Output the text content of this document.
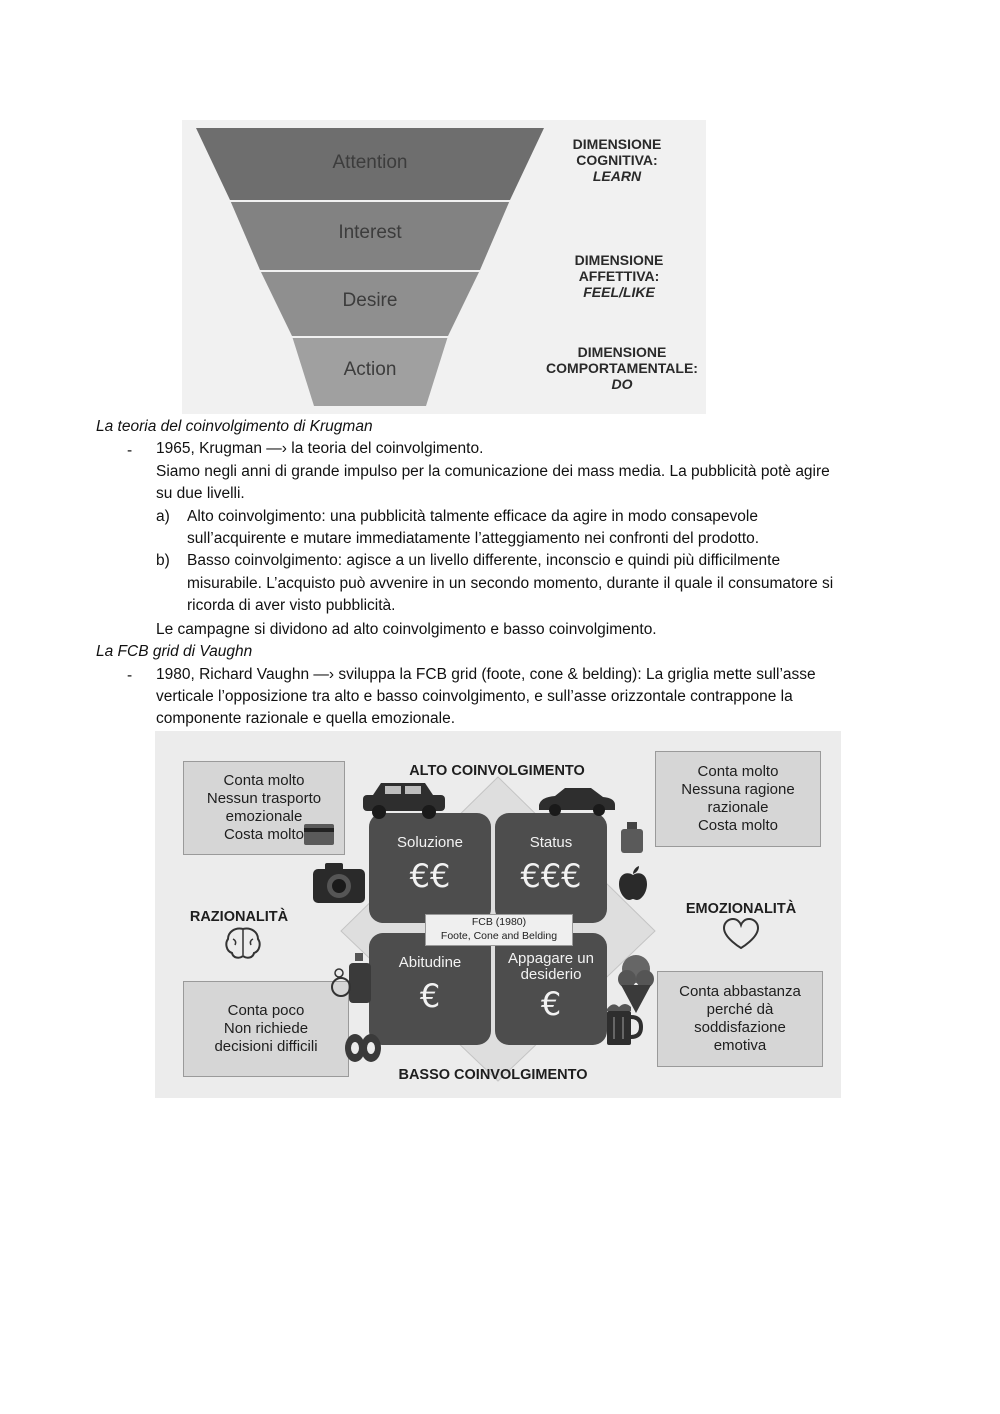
Attention
Interest
Desire
Action
DIMENSIONE
COGNITIVA:
LEARN
DIMENSIONE
AFFETTIVA:
FEEL/LIKE
DIMENSIONE
COMPORTAMENTALE:
DO
La teoria del coinvolgimento di Krugman
- 1965, Krugman —› la teoria del coinvolgimento.
Siamo negli anni di grande impulso per la comunicazione dei mass media. La pubblicità potè agire
su due livelli.
a) Alto coinvolgimento: una pubblicità talmente efficace da agire in modo consapevole
sull’acquirente e mutare immediatamente l’atteggiamento nei confronti del prodotto.
b) Basso coinvolgimento: agisce a un livello differente, inconscio e quindi più difficilmente
misurabile. L’acquisto può avvenire in un secondo momento, durante il quale il consumatore si
ricorda di aver visto pubblicità.
Le campagne si dividono ad alto coinvolgimento e basso coinvolgimento.
La FCB grid di Vaughn
- 1980, Richard Vaughn —› sviluppa la FCB grid (foote, cone & belding): La griglia mette sull’asse
verticale l’opposizione tra alto e basso coinvolgimento, e sull’asse orizzontale contrappone la
componente razionale e quella emozionale.
Conta molto
Nessun trasporto
emozionale
Costa molto
Conta molto
Nessuna ragione
razionale
Costa molto
Conta poco
Non richiede
decisioni difficili
Conta abbastanza
perché dà
soddisfazione
emotiva
Soluzione
€€
Status
€€€
Abitudine
€
Appagare un
desiderio
€
FCB (1980)
Foote, Cone and Belding
ALTO COINVOLGIMENTO
BASSO COINVOLGIMENTO
RAZIONALITÀ	EMOZIONALITÀ
